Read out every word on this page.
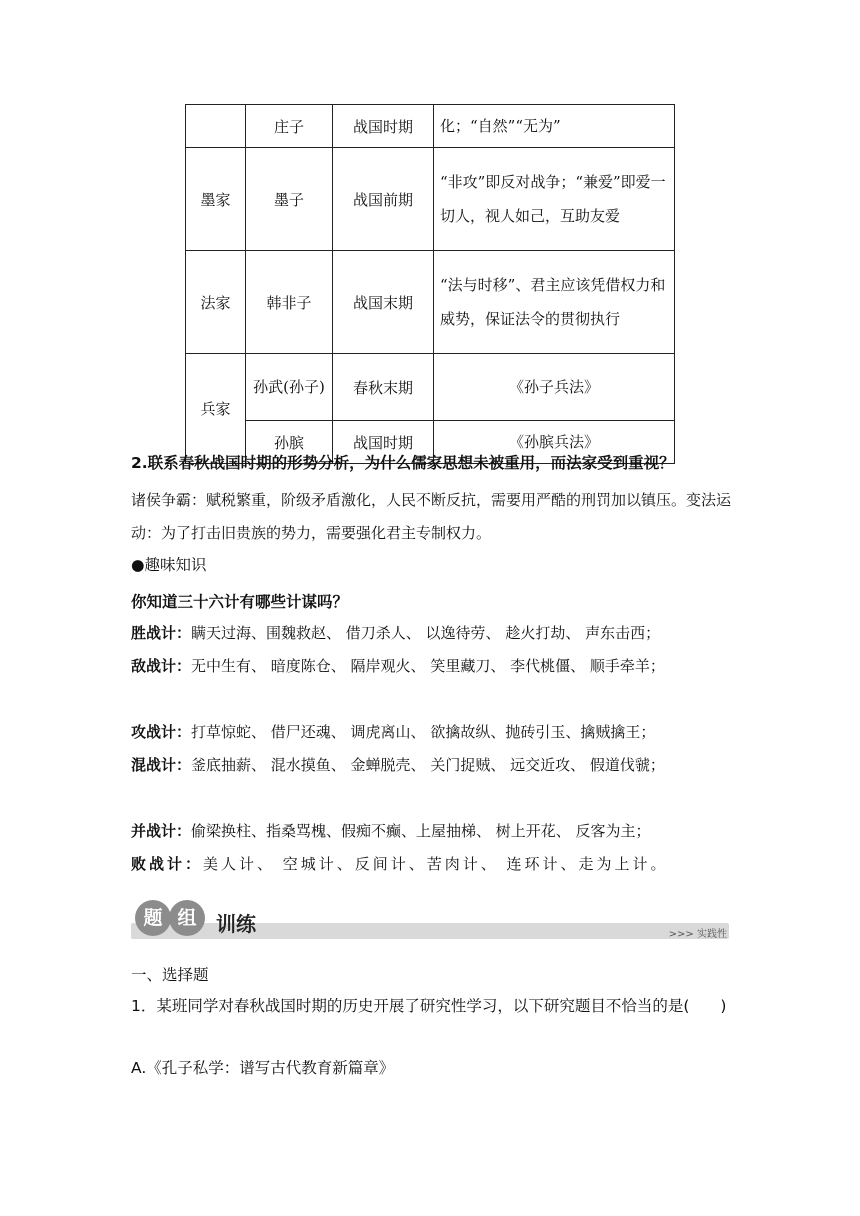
	庄子	战国时期	化；“自然”“无为”
墨家	墨子	战国前期	“非攻”即反对战争；“兼爱”即爱一切人，视人如己，互助友爱
法家	韩非子	战国末期	“法与时移”、君主应该凭借权力和威势，保证法令的贯彻执行
兵家	孙武(孙子)	春秋末期	《孙子兵法》
	孙膑	战国时期	《孙膑兵法》
2.联系春秋战国时期的形势分析，为什么儒家思想未被重用，而法家受到重视？
诸侯争霸：赋税繁重，阶级矛盾激化，人民不断反抗，需要用严酷的刑罚加以镇压。变法运动：为了打击旧贵族的势力，需要强化君主专制权力。
●趣味知识
你知道三十六计有哪些计谋吗？
胜战计：瞒天过海、围魏救赵、 借刀杀人、 以逸待劳、 趁火打劫、 声东击西；
敌战计：无中生有、 暗度陈仓、 隔岸观火、 笑里藏刀、 李代桃僵、 顺手牵羊；
攻战计：打草惊蛇、 借尸还魂、 调虎离山、 欲擒故纵、抛砖引玉、擒贼擒王；
混战计：釜底抽薪、 混水摸鱼、 金蝉脱壳、 关门捉贼、 远交近攻、 假道伐虢；
并战计：偷梁换柱、指桑骂槐、假痴不癫、上屋抽梯、 树上开花、 反客为主；
败战计：美人计、 空城计、反间计、苦肉计、 连环计、走为上计。
题 组 训练	>>> 实践性
一、选择题
1．某班同学对春秋战国时期的历史开展了研究性学习，以下研究题目不恰当的是(　　)
A.《孔子私学：谱写古代教育新篇章》
